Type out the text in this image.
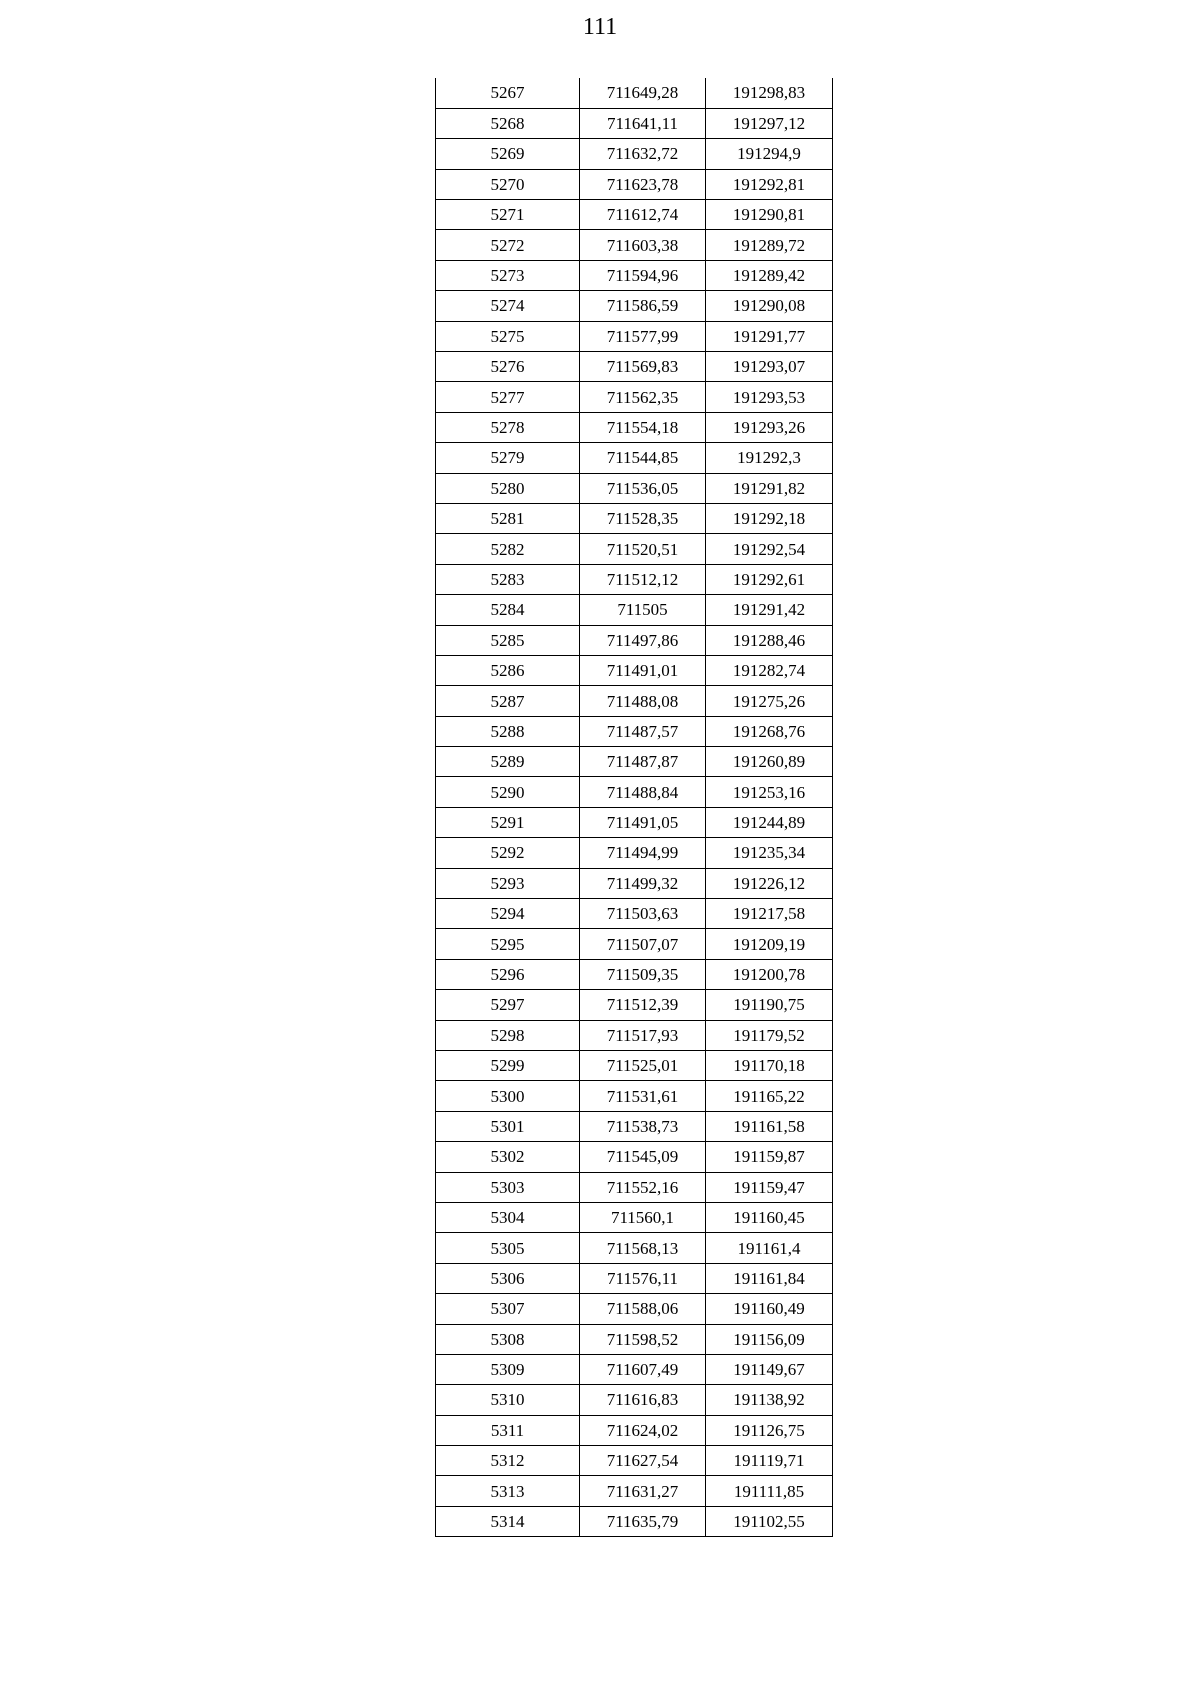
111
5267	711649,28	191298,83
5268	711641,11	191297,12
5269	711632,72	191294,9
5270	711623,78	191292,81
5271	711612,74	191290,81
5272	711603,38	191289,72
5273	711594,96	191289,42
5274	711586,59	191290,08
5275	711577,99	191291,77
5276	711569,83	191293,07
5277	711562,35	191293,53
5278	711554,18	191293,26
5279	711544,85	191292,3
5280	711536,05	191291,82
5281	711528,35	191292,18
5282	711520,51	191292,54
5283	711512,12	191292,61
5284	711505	191291,42
5285	711497,86	191288,46
5286	711491,01	191282,74
5287	711488,08	191275,26
5288	711487,57	191268,76
5289	711487,87	191260,89
5290	711488,84	191253,16
5291	711491,05	191244,89
5292	711494,99	191235,34
5293	711499,32	191226,12
5294	711503,63	191217,58
5295	711507,07	191209,19
5296	711509,35	191200,78
5297	711512,39	191190,75
5298	711517,93	191179,52
5299	711525,01	191170,18
5300	711531,61	191165,22
5301	711538,73	191161,58
5302	711545,09	191159,87
5303	711552,16	191159,47
5304	711560,1	191160,45
5305	711568,13	191161,4
5306	711576,11	191161,84
5307	711588,06	191160,49
5308	711598,52	191156,09
5309	711607,49	191149,67
5310	711616,83	191138,92
5311	711624,02	191126,75
5312	711627,54	191119,71
5313	711631,27	191111,85
5314	711635,79	191102,55
